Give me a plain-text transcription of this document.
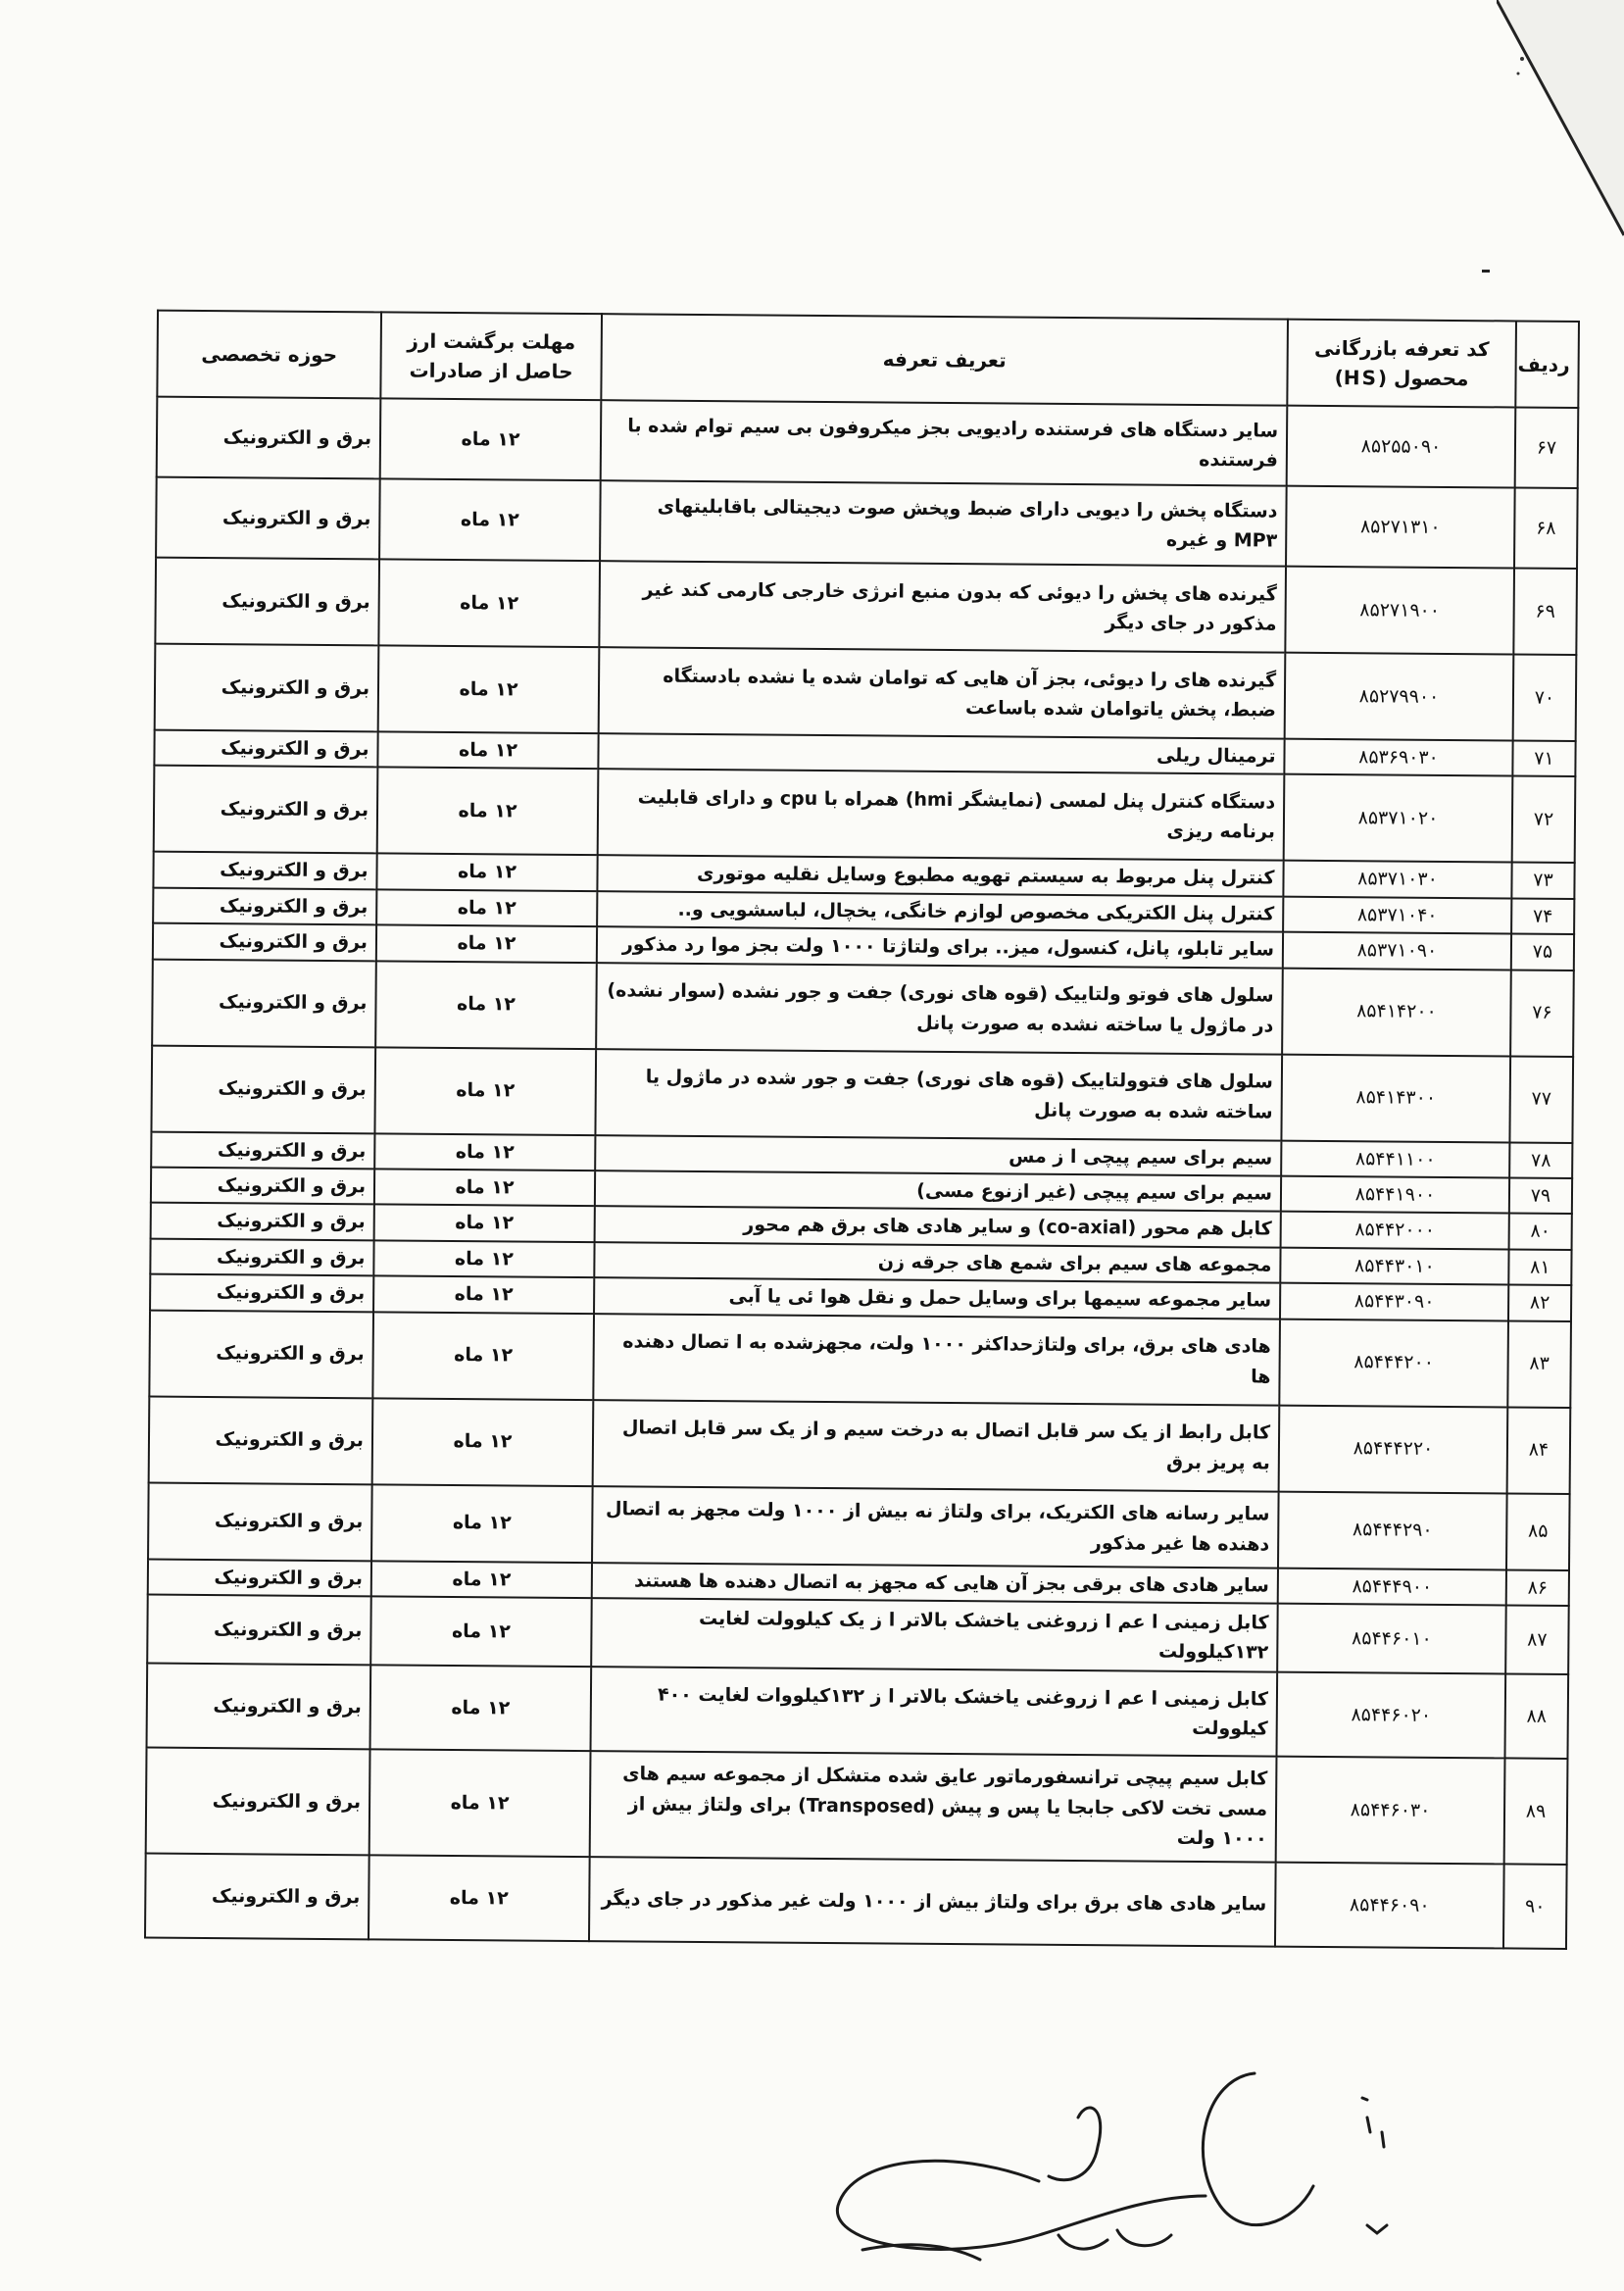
ردیف	کد تعرفه بازرگانی محصول (HS)	تعریف تعرفه	مهلت برگشت ارز حاصل از صادرات	حوزه تخصصی
۶۷	۸۵۲۵۵۰۹۰	سایر دستگاه های فرستنده رادیویی بجز میکروفون بی سیم توام شده با فرستنده	۱۲ ماه	برق و الکترونیک
۶۸	۸۵۲۷۱۳۱۰	دستگاه پخش را دیویی دارای ضبط وپخش صوت دیجیتالی باقابلیتهای MP۳ و غیره	۱۲ ماه	برق و الکترونیک
۶۹	۸۵۲۷۱۹۰۰	گیرنده های پخش را دیوئی که بدون منبع انرژی خارجی کارمی کند غیر مذکور در جای دیگر	۱۲ ماه	برق و الکترونیک
۷۰	۸۵۲۷۹۹۰۰	گیرنده های را دیوئی، بجز آن هایی که توامان شده یا نشده بادستگاه ضبط، پخش یاتوامان شده باساعت	۱۲ ماه	برق و الکترونیک
۷۱	۸۵۳۶۹۰۳۰	ترمینال ریلی	۱۲ ماه	برق و الکترونیک
۷۲	۸۵۳۷۱۰۲۰	دستگاه کنترل پنل لمسی (نمایشگر hmi) همراه با cpu و دارای قابلیت برنامه ریزی	۱۲ ماه	برق و الکترونیک
۷۳	۸۵۳۷۱۰۳۰	کنترل پنل مربوط به سیستم تهویه مطبوع وسایل نقلیه موتوری	۱۲ ماه	برق و الکترونیک
۷۴	۸۵۳۷۱۰۴۰	کنترل پنل الکتریکی مخصوص لوازم خانگی، یخچال، لباسشویی و..	۱۲ ماه	برق و الکترونیک
۷۵	۸۵۳۷۱۰۹۰	سایر تابلو، پانل، کنسول، میز.. برای ولتاژتا ۱۰۰۰ ولت بجز موا رد مذکور	۱۲ ماه	برق و الکترونیک
۷۶	۸۵۴۱۴۲۰۰	سلول های فوتو ولتاییک (قوه های نوری) جفت و جور نشده (سوار نشده) در ماژول یا ساخته نشده به صورت پانل	۱۲ ماه	برق و الکترونیک
۷۷	۸۵۴۱۴۳۰۰	سلول های فتوولتاییک (قوه های نوری) جفت و جور شده در ماژول یا ساخته شده به صورت پانل	۱۲ ماه	برق و الکترونیک
۷۸	۸۵۴۴۱۱۰۰	سیم برای سیم پیچی ا ز مس	۱۲ ماه	برق و الکترونیک
۷۹	۸۵۴۴۱۹۰۰	سیم برای سیم پیچی (غیر ازنوع مسی)	۱۲ ماه	برق و الکترونیک
۸۰	۸۵۴۴۲۰۰۰	کابل هم محور (co-axial) و سایر هادی های برق هم محور	۱۲ ماه	برق و الکترونیک
۸۱	۸۵۴۴۳۰۱۰	مجموعه های سیم برای شمع های جرقه زن	۱۲ ماه	برق و الکترونیک
۸۲	۸۵۴۴۳۰۹۰	سایر مجموعه سیمها برای وسایل حمل و نقل هوا ئی یا آبی	۱۲ ماه	برق و الکترونیک
۸۳	۸۵۴۴۴۲۰۰	هادی های برق، برای ولتاژحداکثر ۱۰۰۰ ولت، مجهزشده به ا تصال دهنده ها	۱۲ ماه	برق و الکترونیک
۸۴	۸۵۴۴۴۲۲۰	کابل رابط از یک سر قابل اتصال به درخت سیم و از یک سر قابل اتصال به پریز برق	۱۲ ماه	برق و الکترونیک
۸۵	۸۵۴۴۴۲۹۰	سایر رسانه های الکتریک، برای ولتاژ نه بیش از ۱۰۰۰ ولت مجهز به اتصال دهنده ها غیر مذکور	۱۲ ماه	برق و الکترونیک
۸۶	۸۵۴۴۴۹۰۰	سایر هادی های برقی بجز آن هایی که مجهز به اتصال دهنده ها هستند	۱۲ ماه	برق و الکترونیک
۸۷	۸۵۴۴۶۰۱۰	کابل زمینی ا عم ا زروغنی یاخشک بالاتر ا ز یک کیلوولت لغایت ۱۳۲کیلوولت	۱۲ ماه	برق و الکترونیک
۸۸	۸۵۴۴۶۰۲۰	کابل زمینی ا عم ا زروغنی یاخشک بالاتر ا ز ۱۳۲کیلووات لغایت ۴۰۰ کیلوولت	۱۲ ماه	برق و الکترونیک
۸۹	۸۵۴۴۶۰۳۰	کابل سیم پیچی ترانسفورماتور عایق شده متشکل از مجموعه سیم های مسی تخت لاکی جابجا یا پس و پیش (Transposed) برای ولتاژ بیش از ۱۰۰۰ ولت	۱۲ ماه	برق و الکترونیک
۹۰	۸۵۴۴۶۰۹۰	سایر هادی های برق برای ولتاژ بیش از ۱۰۰۰ ولت غیر مذکور در جای دیگر	۱۲ ماه	برق و الکترونیک
